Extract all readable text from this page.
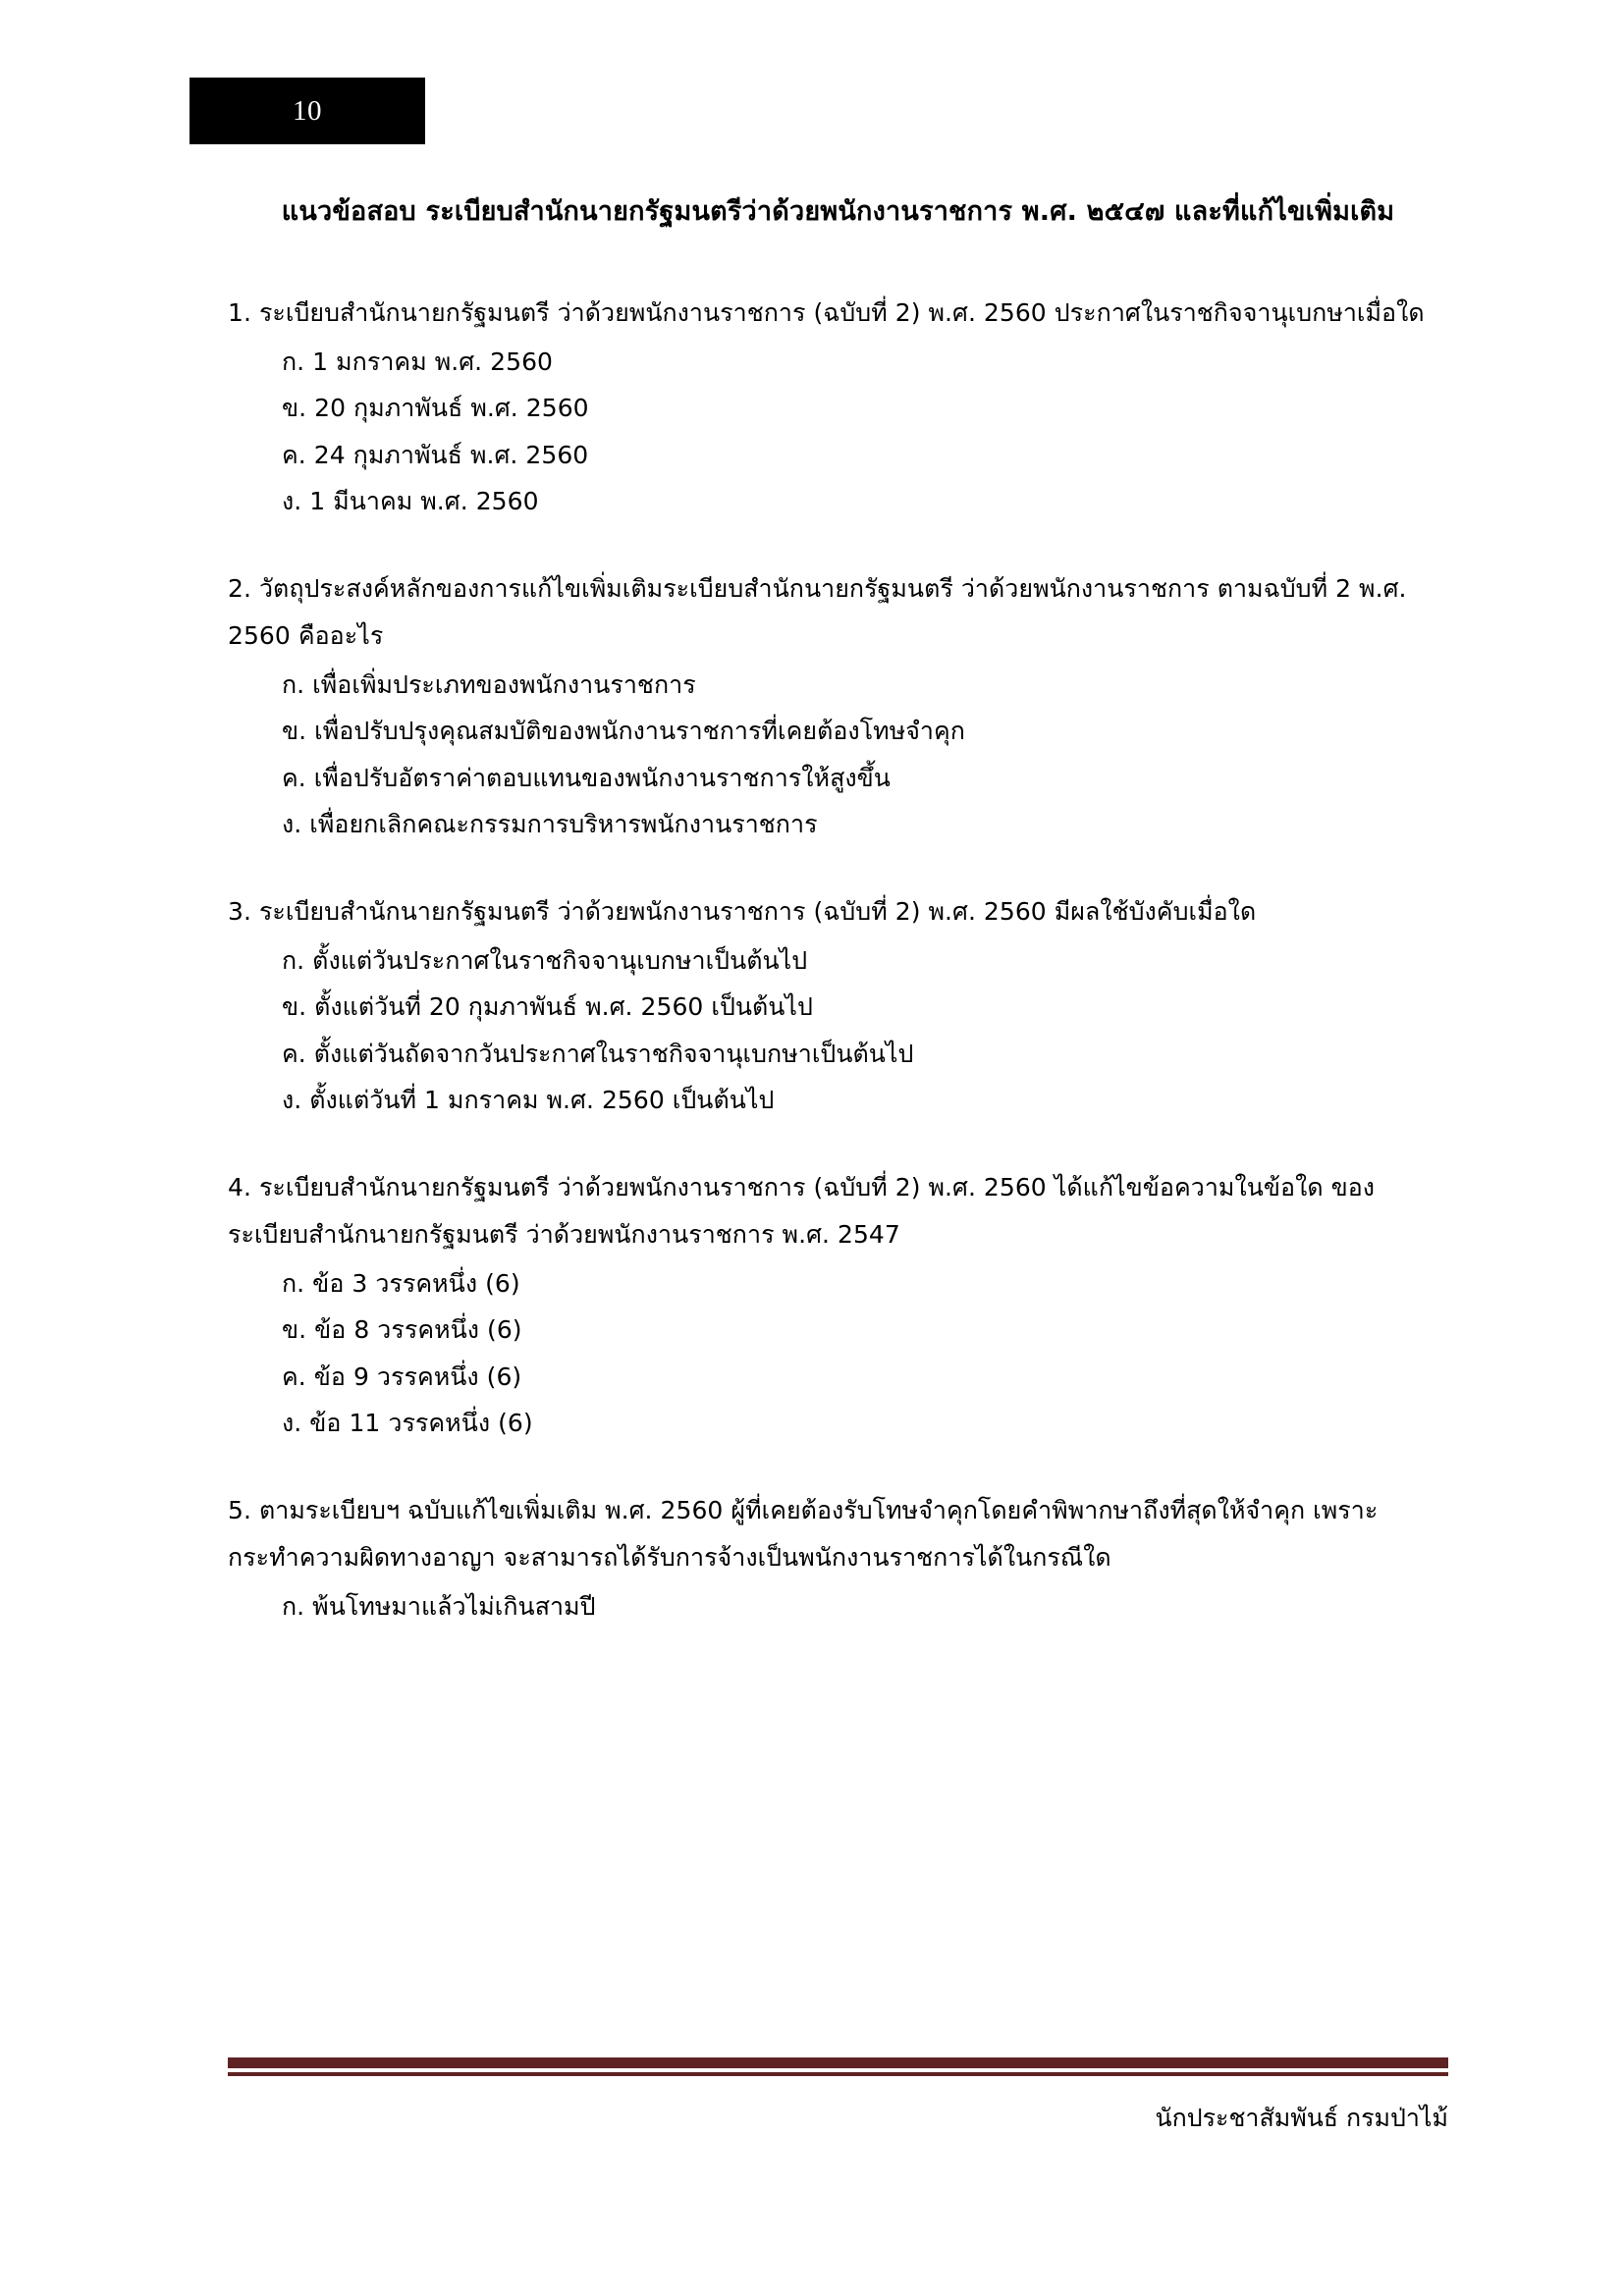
10
แนวข้อสอบ ระเบียบสำนักนายกรัฐมนตรีว่าด้วยพนักงานราชการ พ.ศ. ๒๕๔๗ และที่แก้ไขเพิ่มเติม

1. ระเบียบสำนักนายกรัฐมนตรี ว่าด้วยพนักงานราชการ (ฉบับที่ 2) พ.ศ. 2560 ประกาศในราชกิจจานุเบกษาเมื่อใด

ก. 1 มกราคม พ.ศ. 2560
ข. 20 กุมภาพันธ์ พ.ศ. 2560
ค. 24 กุมภาพันธ์ พ.ศ. 2560
ง. 1 มีนาคม พ.ศ. 2560

2. วัตถุประสงค์หลักของการแก้ไขเพิ่มเติมระเบียบสำนักนายกรัฐมนตรี ว่าด้วยพนักงานราชการ ตามฉบับที่ 2 พ.ศ. 2560 คืออะไร

ก. เพื่อเพิ่มประเภทของพนักงานราชการ
ข. เพื่อปรับปรุงคุณสมบัติของพนักงานราชการที่เคยต้องโทษจำคุก
ค. เพื่อปรับอัตราค่าตอบแทนของพนักงานราชการให้สูงขึ้น
ง. เพื่อยกเลิกคณะกรรมการบริหารพนักงานราชการ

3. ระเบียบสำนักนายกรัฐมนตรี ว่าด้วยพนักงานราชการ (ฉบับที่ 2) พ.ศ. 2560 มีผลใช้บังคับเมื่อใด

ก. ตั้งแต่วันประกาศในราชกิจจานุเบกษาเป็นต้นไป
ข. ตั้งแต่วันที่ 20 กุมภาพันธ์ พ.ศ. 2560 เป็นต้นไป
ค. ตั้งแต่วันถัดจากวันประกาศในราชกิจจานุเบกษาเป็นต้นไป
ง. ตั้งแต่วันที่ 1 มกราคม พ.ศ. 2560 เป็นต้นไป

4. ระเบียบสำนักนายกรัฐมนตรี ว่าด้วยพนักงานราชการ (ฉบับที่ 2) พ.ศ. 2560 ได้แก้ไขข้อความในข้อใด ของระเบียบสำนักนายกรัฐมนตรี ว่าด้วยพนักงานราชการ พ.ศ. 2547

ก. ข้อ 3 วรรคหนึ่ง (6)
ข. ข้อ 8 วรรคหนึ่ง (6)
ค. ข้อ 9 วรรคหนึ่ง (6)
ง. ข้อ 11 วรรคหนึ่ง (6)

5. ตามระเบียบฯ ฉบับแก้ไขเพิ่มเติม พ.ศ. 2560 ผู้ที่เคยต้องรับโทษจำคุกโดยคำพิพากษาถึงที่สุดให้จำคุก เพราะกระทำความผิดทางอาญา จะสามารถได้รับการจ้างเป็นพนักงานราชการได้ในกรณีใด

ก. พ้นโทษมาแล้วไม่เกินสามปี
นักประชาสัมพันธ์ กรมป่าไม้
